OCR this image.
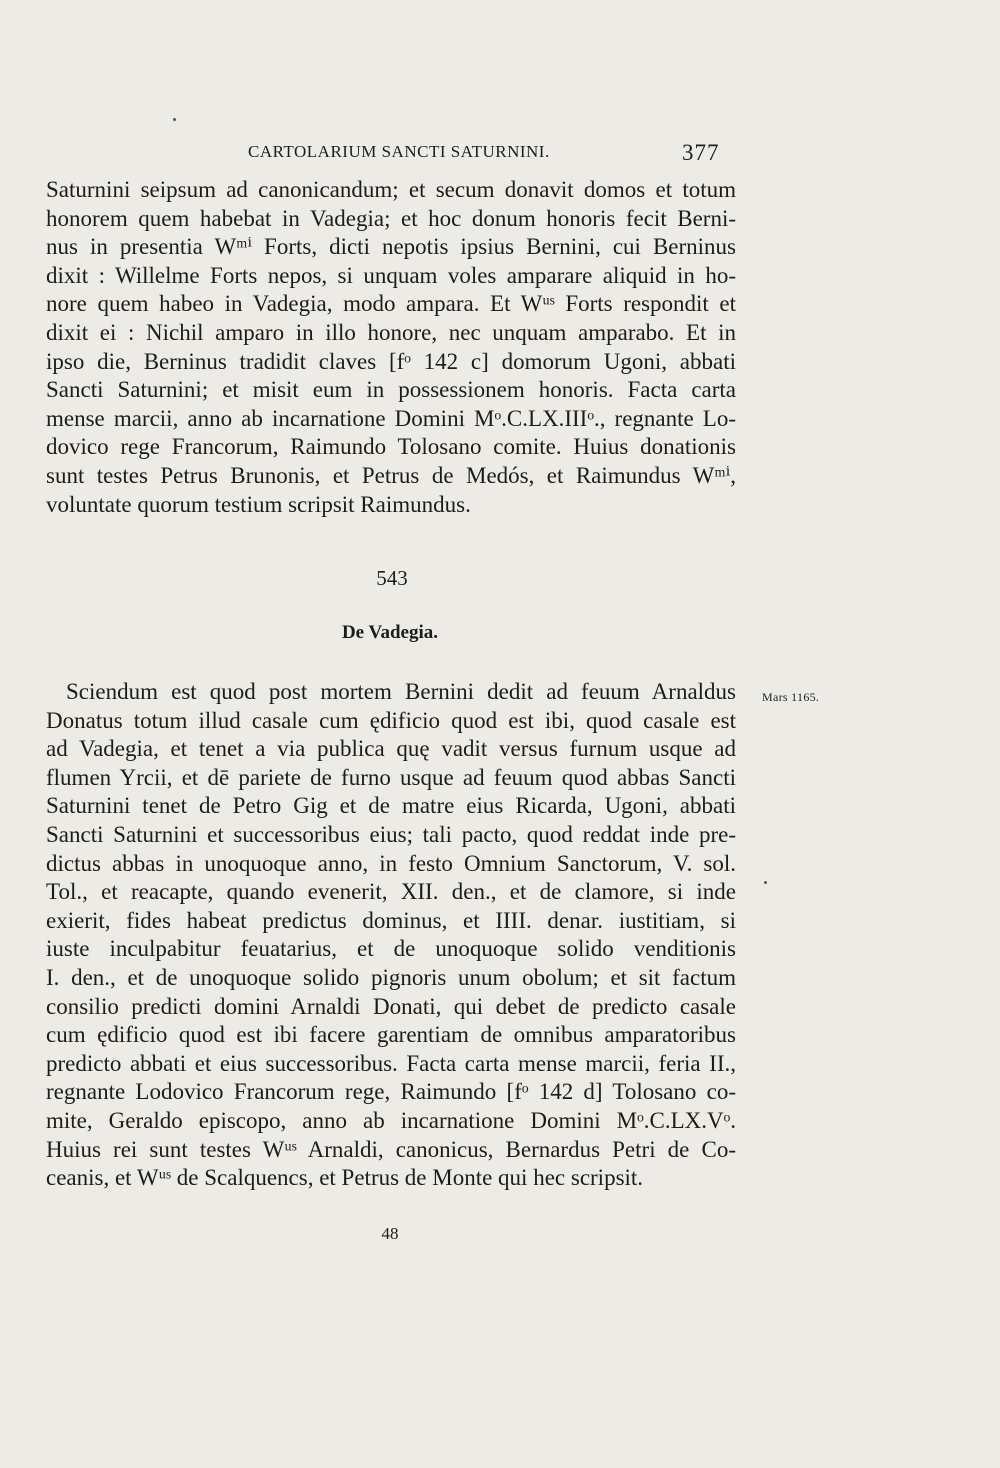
CARTOLARIUM SANCTI SATURNINI.	377
Saturnini seipsum ad canonicandum; et secum donavit domos et totum
honorem quem habebat in Vadegia; et hoc donum honoris fecit Berni-
nus in presentia Wᵐⁱ Forts, dicti nepotis ipsius Bernini, cui Berninus
dixit : Willelme Forts nepos, si unquam voles amparare aliquid in ho-
nore quem habeo in Vadegia, modo ampara. Et Wᵘˢ Forts respondit et
dixit ei : Nichil amparo in illo honore, nec unquam amparabo. Et in
ipso die, Berninus tradidit claves [fᵒ 142 c] domorum Ugoni, abbati
Sancti Saturnini; et misit eum in possessionem honoris. Facta carta
mense marcii, anno ab incarnatione Domini Mᵒ.C.LX.IIIᵒ., regnante Lo-
dovico rege Francorum, Raimundo Tolosano comite. Huius donationis
sunt testes Petrus Brunonis, et Petrus de Medós, et Raimundus Wᵐⁱ,
voluntate quorum testium scripsit Raimundus.
543
De Vadegia.
Mars 1165.
Sciendum est quod post mortem Bernini dedit ad feuum Arnaldus
Donatus totum illud casale cum ędificio quod est ibi, quod casale est
ad Vadegia, et tenet a via publica quę vadit versus furnum usque ad
flumen Yrcii, et dē pariete de furno usque ad feuum quod abbas Sancti
Saturnini tenet de Petro Gig et de matre eius Ricarda, Ugoni, abbati
Sancti Saturnini et successoribus eius; tali pacto, quod reddat inde pre-
dictus abbas in unoquoque anno, in festo Omnium Sanctorum, V. sol.
Tol., et reacapte, quando evenerit, XII. den., et de clamore, si inde
exierit, fides habeat predictus dominus, et IIII. denar. iustitiam, si
iuste inculpabitur feuatarius, et de unoquoque solido venditionis
I. den., et de unoquoque solido pignoris unum obolum; et sit factum
consilio predicti domini Arnaldi Donati, qui debet de predicto casale
cum ędificio quod est ibi facere garentiam de omnibus amparatoribus
predicto abbati et eius successoribus. Facta carta mense marcii, feria II.,
regnante Lodovico Francorum rege, Raimundo [fᵒ 142 d] Tolosano co-
mite, Geraldo episcopo, anno ab incarnatione Domini Mᵒ.C.LX.Vᵒ.
Huius rei sunt testes Wᵘˢ Arnaldi, canonicus, Bernardus Petri de Co-
ceanis, et Wᵘˢ de Scalquencs, et Petrus de Monte qui hec scripsit.
48
